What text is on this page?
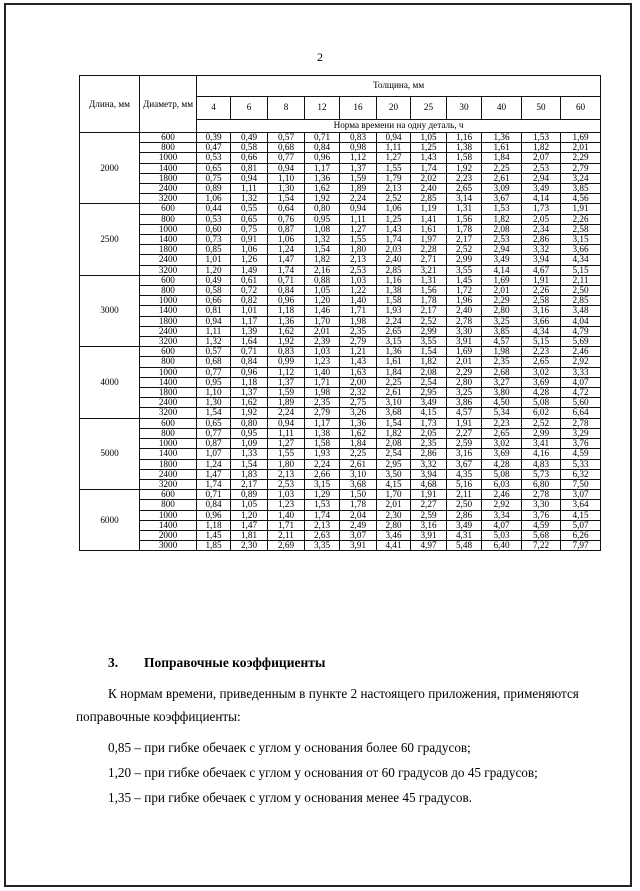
2
Длина, мм	Диаметр, мм	Толщина, мм										
		4	6	8	12	16	20	25	30	40	50	60
		Норма времени на одну деталь, ч										
2000	600	0,39	0,49	0,57	0,71	0,83	0,94	1,05	1,16	1,36	1,53	1,69
	800	0,47	0,58	0,68	0,84	0,98	1,11	1,25	1,38	1,61	1,82	2,01
	1000	0,53	0,66	0,77	0,96	1,12	1,27	1,43	1,58	1,84	2,07	2,29
	1400	0,65	0,81	0,94	1,17	1,37	1,55	1,74	1,92	2,25	2,53	2,79
	1800	0,75	0,94	1,10	1,36	1,59	1,79	2,02	2,23	2,61	2,94	3,24
	2400	0,89	1,11	1,30	1,62	1,89	2,13	2,40	2,65	3,09	3,49	3,85
	3200	1,06	1,32	1,54	1,92	2,24	2,52	2,85	3,14	3,67	4,14	4,56
2500	600	0,44	0,55	0,64	0,80	0,94	1,06	1,19	1,31	1,53	1,73	1,91
	800	0,53	0,65	0,76	0,95	1,11	1,25	1,41	1,56	1,82	2,05	2,26
	1000	0,60	0,75	0,87	1,08	1,27	1,43	1,61	1,78	2,08	2,34	2,58
	1400	0,73	0,91	1,06	1,32	1,55	1,74	1,97	2,17	2,53	2,86	3,15
	1800	0,85	1,06	1,24	1,54	1,80	2,03	2,28	2,52	2,94	3,32	3,66
	2400	1,01	1,26	1,47	1,82	2,13	2,40	2,71	2,99	3,49	3,94	4,34
	3200	1,20	1,49	1,74	2,16	2,53	2,85	3,21	3,55	4,14	4,67	5,15
3000	600	0,49	0,61	0,71	0,88	1,03	1,16	1,31	1,45	1,69	1,91	2,11
	800	0,58	0,72	0,84	1,05	1,22	1,38	1,56	1,72	2,01	2,26	2,50
	1000	0,66	0,82	0,96	1,20	1,40	1,58	1,78	1,96	2,29	2,58	2,85
	1400	0,81	1,01	1,18	1,46	1,71	1,93	2,17	2,40	2,80	3,16	3,48
	1800	0,94	1,17	1,36	1,70	1,98	2,24	2,52	2,78	3,25	3,66	4,04
	2400	1,11	1,39	1,62	2,01	2,35	2,65	2,99	3,30	3,85	4,34	4,79
	3200	1,32	1,64	1,92	2,39	2,79	3,15	3,55	3,91	4,57	5,15	5,69
4000	600	0,57	0,71	0,83	1,03	1,21	1,36	1,54	1,69	1,98	2,23	2,46
	800	0,68	0,84	0,99	1,23	1,43	1,61	1,82	2,01	2,35	2,65	2,92
	1000	0,77	0,96	1,12	1,40	1,63	1,84	2,08	2,29	2,68	3,02	3,33
	1400	0,95	1,18	1,37	1,71	2,00	2,25	2,54	2,80	3,27	3,69	4,07
	1800	1,10	1,37	1,59	1,98	2,32	2,61	2,95	3,25	3,80	4,28	4,72
	2400	1,30	1,62	1,89	2,35	2,75	3,10	3,49	3,86	4,50	5,08	5,60
	3200	1,54	1,92	2,24	2,79	3,26	3,68	4,15	4,57	5,34	6,02	6,64
5000	600	0,65	0,80	0,94	1,17	1,36	1,54	1,73	1,91	2,23	2,52	2,78
	800	0,77	0,95	1,11	1,38	1,62	1,82	2,05	2,27	2,65	2,99	3,29
	1000	0,87	1,09	1,27	1,58	1,84	2,08	2,35	2,59	3,02	3,41	3,76
	1400	1,07	1,33	1,55	1,93	2,25	2,54	2,86	3,16	3,69	4,16	4,59
	1800	1,24	1,54	1,80	2,24	2,61	2,95	3,32	3,67	4,28	4,83	5,33
	2400	1,47	1,83	2,13	2,66	3,10	3,50	3,94	4,35	5,08	5,73	6,32
	3200	1,74	2,17	2,53	3,15	3,68	4,15	4,68	5,16	6,03	6,80	7,50
6000	600	0,71	0,89	1,03	1,29	1,50	1,70	1,91	2,11	2,46	2,78	3,07
	800	0,84	1,05	1,23	1,53	1,78	2,01	2,27	2,50	2,92	3,30	3,64
	1000	0,96	1,20	1,40	1,74	2,04	2,30	2,59	2,86	3,34	3,76	4,15
	1400	1,18	1,47	1,71	2,13	2,49	2,80	3,16	3,49	4,07	4,59	5,07
	2000	1,45	1,81	2,11	2,63	3,07	3,46	3,91	4,31	5,03	5,68	6,26
	3000	1,85	2,30	2,69	3,35	3,91	4,41	4,97	5,48	6,40	7,22	7,97
3. Поправочные коэффициенты
К нормам времени, приведенным в пункте 2 настоящего приложения, применяются
поправочные коэффициенты:
0,85 – при гибке обечаек с углом у основания более 60 градусов;
1,20 – при гибке обечаек с углом у основания от 60 градусов до 45 градусов;
1,35 – при гибке обечаек с углом у основания менее 45 градусов.
